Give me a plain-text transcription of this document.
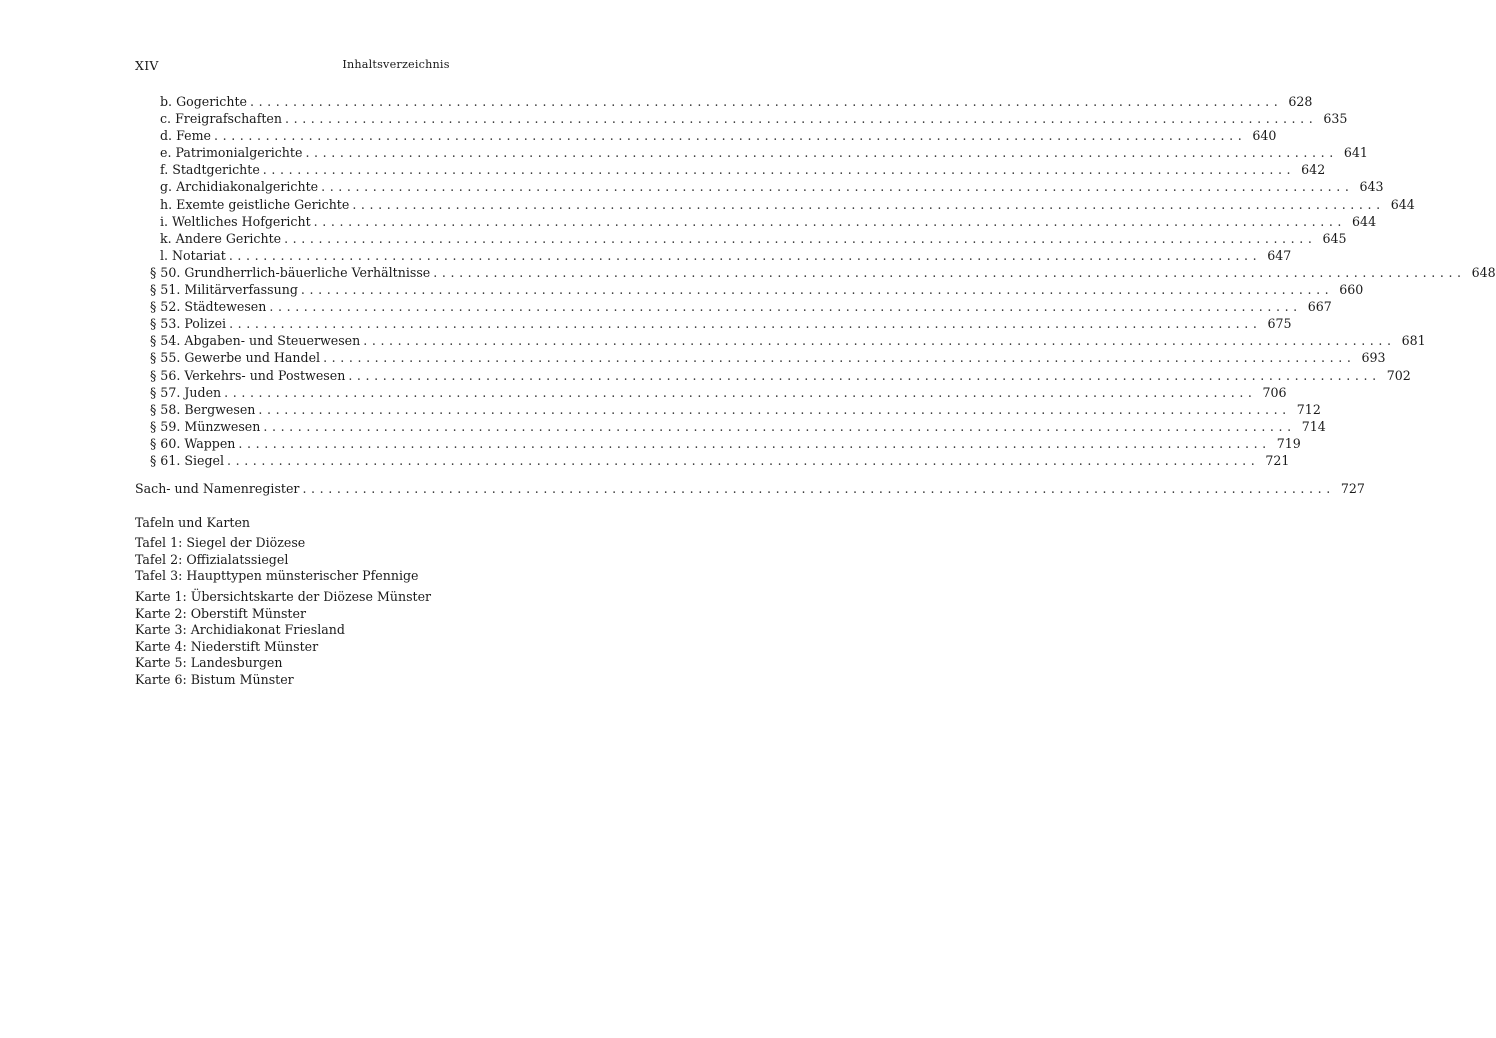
XIV	Inhaltsverzeichnis
b. Gogerichte ........................................................................................................................ 628
c. Freigrafschaften ........................................................................................................................ 635
d. Feme ........................................................................................................................ 640
e. Patrimonialgerichte ........................................................................................................................ 641
f. Stadtgerichte ........................................................................................................................ 642
g. Archidiakonalgerichte ........................................................................................................................ 643
h. Exemte geistliche Gerichte ........................................................................................................................ 644
i. Weltliches Hofgericht ........................................................................................................................ 644
k. Andere Gerichte ........................................................................................................................ 645
l. Notariat ........................................................................................................................ 647
§ 50. Grundherrlich-bäuerliche Verhältnisse ........................................................................................................................ 648
§ 51. Militärverfassung ........................................................................................................................ 660
§ 52. Städtewesen ........................................................................................................................ 667
§ 53. Polizei ........................................................................................................................ 675
§ 54. Abgaben- und Steuerwesen ........................................................................................................................ 681
§ 55. Gewerbe und Handel ........................................................................................................................ 693
§ 56. Verkehrs- und Postwesen ........................................................................................................................ 702
§ 57. Juden ........................................................................................................................ 706
§ 58. Bergwesen ........................................................................................................................ 712
§ 59. Münzwesen ........................................................................................................................ 714
§ 60. Wappen ........................................................................................................................ 719
§ 61. Siegel ........................................................................................................................ 721
Sach- und Namenregister ........................................................................................................................ 727
Tafeln und Karten
Tafel 1: Siegel der Diözese
Tafel 2: Offizialatssiegel
Tafel 3: Haupttypen münsterischer Pfennige
Karte 1: Übersichtskarte der Diözese Münster
Karte 2: Oberstift Münster
Karte 3: Archidiakonat Friesland
Karte 4: Niederstift Münster
Karte 5: Landesburgen
Karte 6: Bistum Münster
